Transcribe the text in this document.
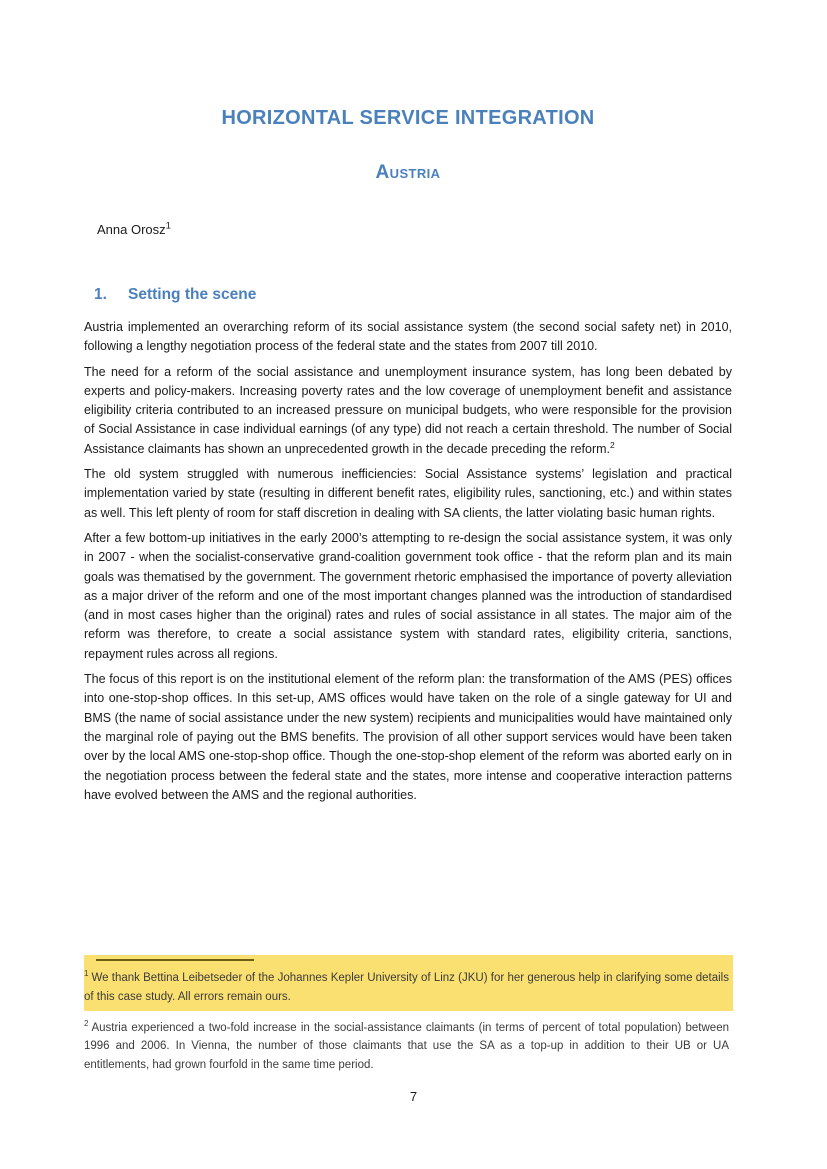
HORIZONTAL SERVICE INTEGRATION
Austria

Anna Orosz$^1$

1. Setting the scene

Austria implemented an overarching reform of its social assistance system (the second social safety net) in 2010, following a lengthy negotiation process of the federal state and the states from 2007 till 2010.

The need for a reform of the social assistance and unemployment insurance system, has long been debated by experts and policy-makers. Increasing poverty rates and the low coverage of unemployment benefit and assistance eligibility criteria contributed to an increased pressure on municipal budgets, who were responsible for the provision of Social Assistance in case individual earnings (of any type) did not reach a certain threshold. The number of Social Assistance claimants has shown an unprecedented growth in the decade preceding the reform.$^2$

The old system struggled with numerous inefficiencies: Social Assistance systems’ legislation and practical implementation varied by state (resulting in different benefit rates, eligibility rules, sanctioning, etc.) and within states as well. This left plenty of room for staff discretion in dealing with SA clients, the latter violating basic human rights.

After a few bottom-up initiatives in the early 2000’s attempting to re-design the social assistance system, it was only in 2007 - when the socialist-conservative grand-coalition government took office - that the reform plan and its main goals was thematised by the government. The government rhetoric emphasised the importance of poverty alleviation as a major driver of the reform and one of the most important changes planned was the introduction of standardised (and in most cases higher than the original) rates and rules of social assistance in all states. The major aim of the reform was therefore, to create a social assistance system with standard rates, eligibility criteria, sanctions, repayment rules across all regions.

The focus of this report is on the institutional element of the reform plan: the transformation of the AMS (PES) offices into one-stop-shop offices. In this set-up, AMS offices would have taken on the role of a single gateway for UI and BMS (the name of social assistance under the new system) recipients and municipalities would have maintained only the marginal role of paying out the BMS benefits. The provision of all other support services would have been taken over by the local AMS one-stop-shop office. Though the one-stop-shop element of the reform was aborted early on in the negotiation process between the federal state and the states, more intense and cooperative interaction patterns have evolved between the AMS and the regional authorities.

$^1$ We thank Bettina Leibetseder of the Johannes Kepler University of Linz (JKU) for her generous help in clarifying some details of this case study. All errors remain ours.

$^2$ Austria experienced a two-fold increase in the social-assistance claimants (in terms of percent of total population) between 1996 and 2006. In Vienna, the number of those claimants that use the SA as a top-up in addition to their UB or UA entitlements, had grown fourfold in the same time period.

7
